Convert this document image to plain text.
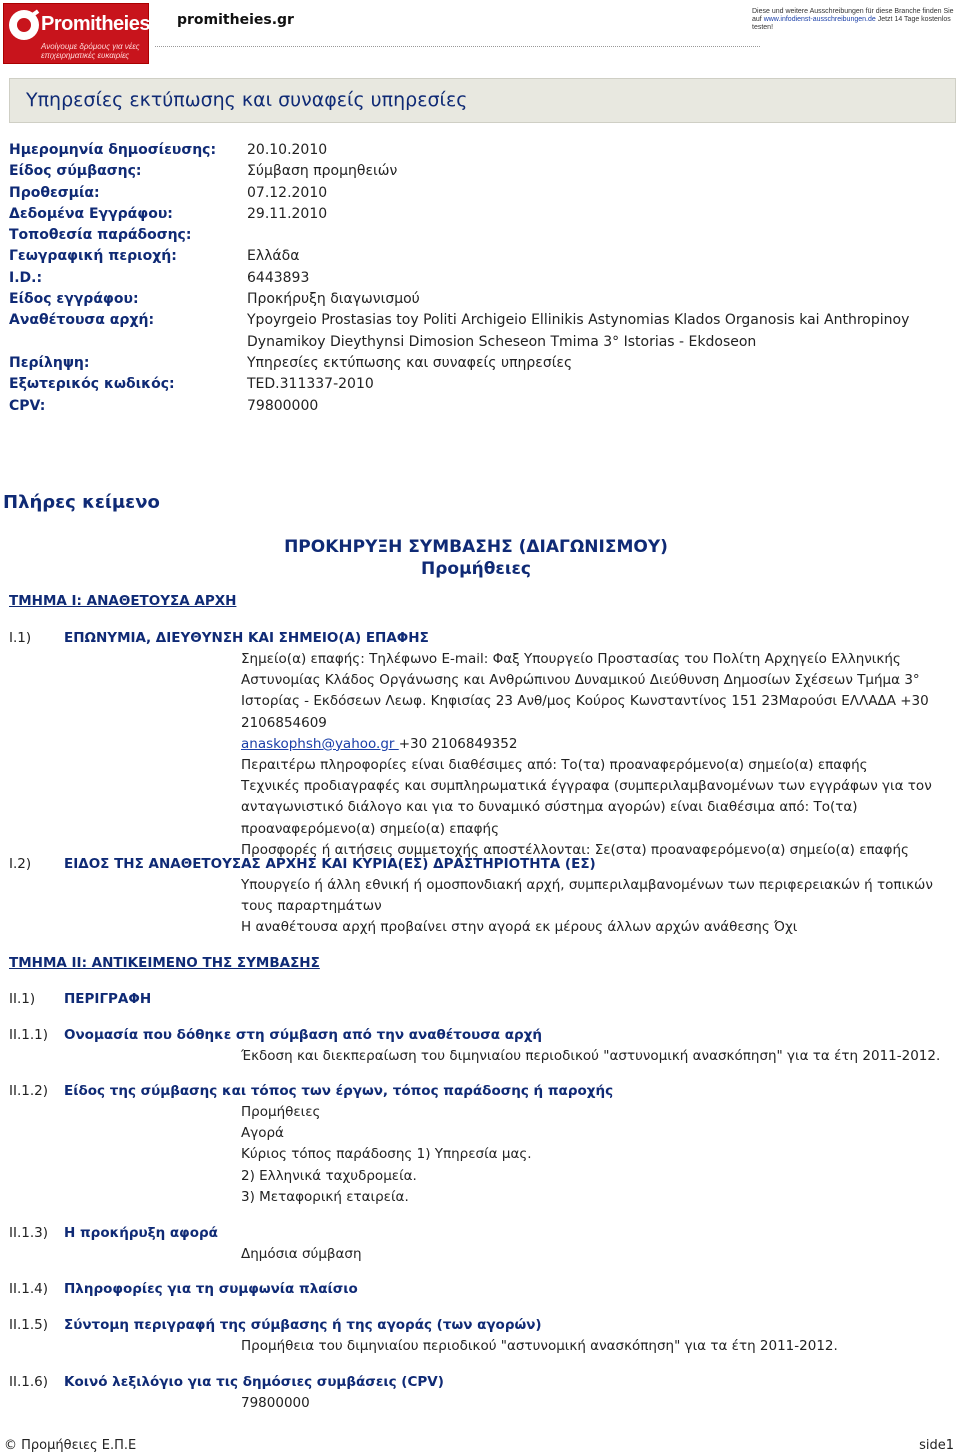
Promitheies.gr
Ανοίγουμε δρόμους για νέες επιχειρηματικές ευκαιρίες
promitheies.gr
Diese und weitere Ausschreibungen für diese Branche finden Sie auf www.infodienst-ausschreibungen.de Jetzt 14 Tage kostenlos testen!
Υπηρεσίες εκτύπωσης και συναφείς υπηρεσίες
Ημερομηνία δημοσίευσης: 20.10.2010
Είδος σύμβασης:	Σύμβαση προμηθειών
Προθεσμία:	07.12.2010
Δεδομένα Εγγράφου:	29.11.2010
Τοποθεσία παράδοσης:
Γεωγραφική περιοχή:	Ελλάδα
I.D.:	6443893
Είδος εγγράφου:	Προκήρυξη διαγωνισμού
Αναθέτουσα αρχή:	Ypoyrgeio Prostasias toy Politi Archigeio Ellinikis Astynomias Klados Organosis kai Anthropinoy Dynamikoy Dieythynsi Dimosion Scheseon Tmima 3° Istorias - Ekdoseon
Περίληψη:	Υπηρεσίες εκτύπωσης και συναφείς υπηρεσίες
Εξωτερικός κωδικός:	TED.311337-2010
CPV:	79800000
Πλήρες κείμενο
ΠΡΟΚΗΡΥΞΗ ΣΥΜΒΑΣΗΣ (ΔΙΑΓΩΝΙΣΜΟΥ)
Προμήθειες
ΤΜΗΜΑ I: ΑΝΑΘΕΤΟΥΣΑ ΑΡΧΗ
I.1) ΕΠΩΝΥΜΙΑ, ΔΙΕΥΘΥΝΣΗ ΚΑΙ ΣΗΜΕΙΟ(Α) ΕΠΑΦΗΣ

Σημείο(α) επαφής: Τηλέφωνο E-mail: Φαξ Υπουργείο Προστασίας του Πολίτη Αρχηγείο Ελληνικής Αστυνομίας Κλάδος Οργάνωσης και Ανθρώπινου Δυναμικού Διεύθυνση Δημοσίων Σχέσεων Τμήμα 3° Ιστορίας - Εκδόσεων Λεωφ. Κηφισίας 23 Ανθ/μος Κούρος Κωνσταντίνος 151 23Μαρούσι ΕΛΛΑΔΑ +30 2106854609

anaskophsh@yahoo.gr +30 2106849352

Περαιτέρω πληροφορίες είναι διαθέσιμες από: Το(τα) προαναφερόμενο(α) σημείο(α) επαφής

Τεχνικές προδιαγραφές και συμπληρωματικά έγγραφα (συμπεριλαμβανομένων των εγγράφων για τον ανταγωνιστικό διάλογο και για το δυναμικό σύστημα αγορών) είναι διαθέσιμα από: Το(τα) προαναφερόμενο(α) σημείο(α) επαφής

Προσφορές ή αιτήσεις συμμετοχής αποστέλλονται: Σε(στα) προαναφερόμενο(α) σημείο(α) επαφής

I.2) ΕΙΔΟΣ ΤΗΣ ΑΝΑΘΕΤΟΥΣΑΣ ΑΡΧΗΣ ΚΑΙ ΚΥΡΙΑ(ΕΣ) ΔΡΑΣΤΗΡΙΟΤΗΤΑ (ΕΣ)

Υπουργείο ή άλλη εθνική ή ομοσπονδιακή αρχή, συμπεριλαμβανομένων των περιφερειακών ή τοπικών τους παραρτημάτων

Η αναθέτουσα αρχή προβαίνει στην αγορά εκ μέρους άλλων αρχών ανάθεσης Όχι

ΤΜΗΜΑ II: ΑΝΤΙΚΕΙΜΕΝΟ ΤΗΣ ΣΥΜΒΑΣΗΣ
II.1) ΠΕΡΙΓΡΑΦΗ
II.1.1) Ονομασία που δόθηκε στη σύμβαση από την αναθέτουσα αρχή

Έκδοση και διεκπεραίωση του διμηνιαίου περιοδικού "αστυνομική ανασκόπηση" για τα έτη 2011-2012.

II.1.2) Είδος της σύμβασης και τόπος των έργων, τόπος παράδοσης ή παροχής

Προμήθειες

Αγορά

Κύριος τόπος παράδοσης 1) Υπηρεσία μας.

2) Ελληνικά ταχυδρομεία.

3) Μεταφορική εταιρεία.

II.1.3) Η προκήρυξη αφορά

Δημόσια σύμβαση

II.1.4) Πληροφορίες για τη συμφωνία πλαίσιο
II.1.5) Σύντομη περιγραφή της σύμβασης ή της αγοράς (των αγορών)

Προμήθεια του διμηνιαίου περιοδικού "αστυνομική ανασκόπηση" για τα έτη 2011-2012.

II.1.6) Κοινό λεξιλόγιο για τις δημόσιες συμβάσεις (CPV)

79800000

© Προμήθειες Ε.Π.Ε	side1
